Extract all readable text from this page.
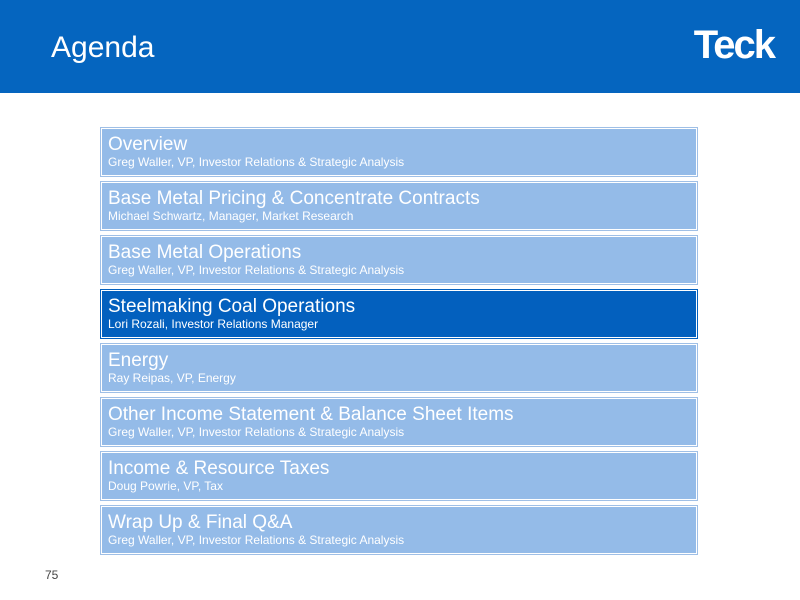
Agenda	Teck
Overview
Greg Waller, VP, Investor Relations & Strategic Analysis
Base Metal Pricing & Concentrate Contracts
Michael Schwartz, Manager, Market Research
Base Metal Operations
Greg Waller, VP, Investor Relations & Strategic Analysis
Steelmaking Coal Operations
Lori Rozali, Investor Relations Manager
Energy
Ray Reipas, VP, Energy
Other Income Statement & Balance Sheet Items
Greg Waller, VP, Investor Relations & Strategic Analysis
Income & Resource Taxes
Doug Powrie, VP, Tax
Wrap Up & Final Q&A
Greg Waller, VP, Investor Relations & Strategic Analysis
75
